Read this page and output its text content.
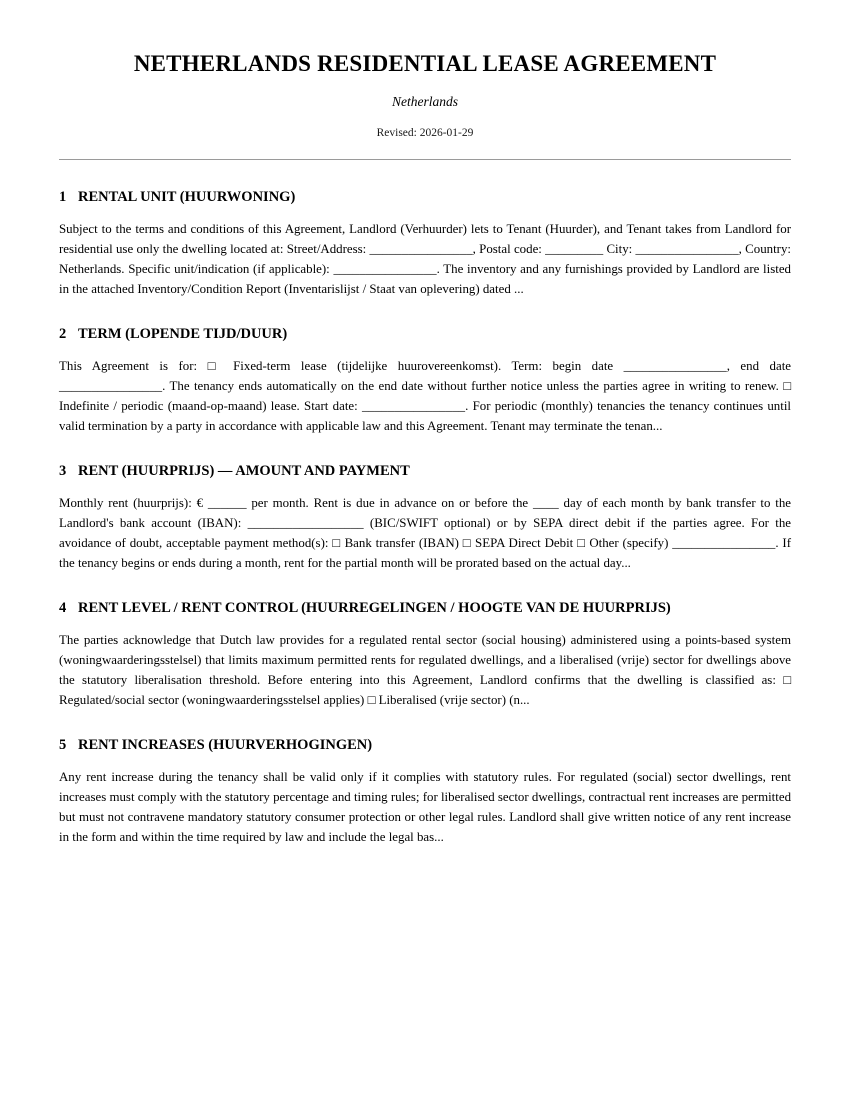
NETHERLANDS RESIDENTIAL LEASE AGREEMENT
Netherlands
Revised: 2026-01-29
1 RENTAL UNIT (HUURWONING)

Subject to the terms and conditions of this Agreement, Landlord (Verhuurder) lets to Tenant (Huurder), and Tenant takes from Landlord for residential use only the dwelling located at: Street/Address: ________________, Postal code: _________ City: ________________, Country: Netherlands. Specific unit/indication (if applicable): ________________. The inventory and any furnishings provided by Landlord are listed in the attached Inventory/Condition Report (Inventarislijst / Staat van oplevering) dated ...

2 TERM (LOPENDE TIJD/DUUR)

This Agreement is for: □ Fixed-term lease (tijdelijke huurovereenkomst). Term: begin date ________________, end date ________________. The tenancy ends automatically on the end date without further notice unless the parties agree in writing to renew. □ Indefinite / periodic (maand-op-maand) lease. Start date: ________________. For periodic (monthly) tenancies the tenancy continues until valid termination by a party in accordance with applicable law and this Agreement. Tenant may terminate the tenan...

3 RENT (HUURPRIJS) — AMOUNT AND PAYMENT

Monthly rent (huurprijs): € ______ per month. Rent is due in advance on or before the ____ day of each month by bank transfer to the Landlord's bank account (IBAN): __________________ (BIC/SWIFT optional) or by SEPA direct debit if the parties agree. For the avoidance of doubt, acceptable payment method(s): □ Bank transfer (IBAN) □ SEPA Direct Debit □ Other (specify) ________________. If the tenancy begins or ends during a month, rent for the partial month will be prorated based on the actual day...

4 RENT LEVEL / RENT CONTROL (HUURREGELINGEN / HOOGTE VAN DE HUURPRIJS)

The parties acknowledge that Dutch law provides for a regulated rental sector (social housing) administered using a points-based system (woningwaarderingsstelsel) that limits maximum permitted rents for regulated dwellings, and a liberalised (vrije) sector for dwellings above the statutory liberalisation threshold. Before entering into this Agreement, Landlord confirms that the dwelling is classified as: □ Regulated/social sector (woningwaarderingsstelsel applies) □ Liberalised (vrije sector) (n...

5 RENT INCREASES (HUURVERHOGINGEN)

Any rent increase during the tenancy shall be valid only if it complies with statutory rules. For regulated (social) sector dwellings, rent increases must comply with the statutory percentage and timing rules; for liberalised sector dwellings, contractual rent increases are permitted but must not contravene mandatory statutory consumer protection or other legal rules. Landlord shall give written notice of any rent increase in the form and within the time required by law and include the legal bas...
